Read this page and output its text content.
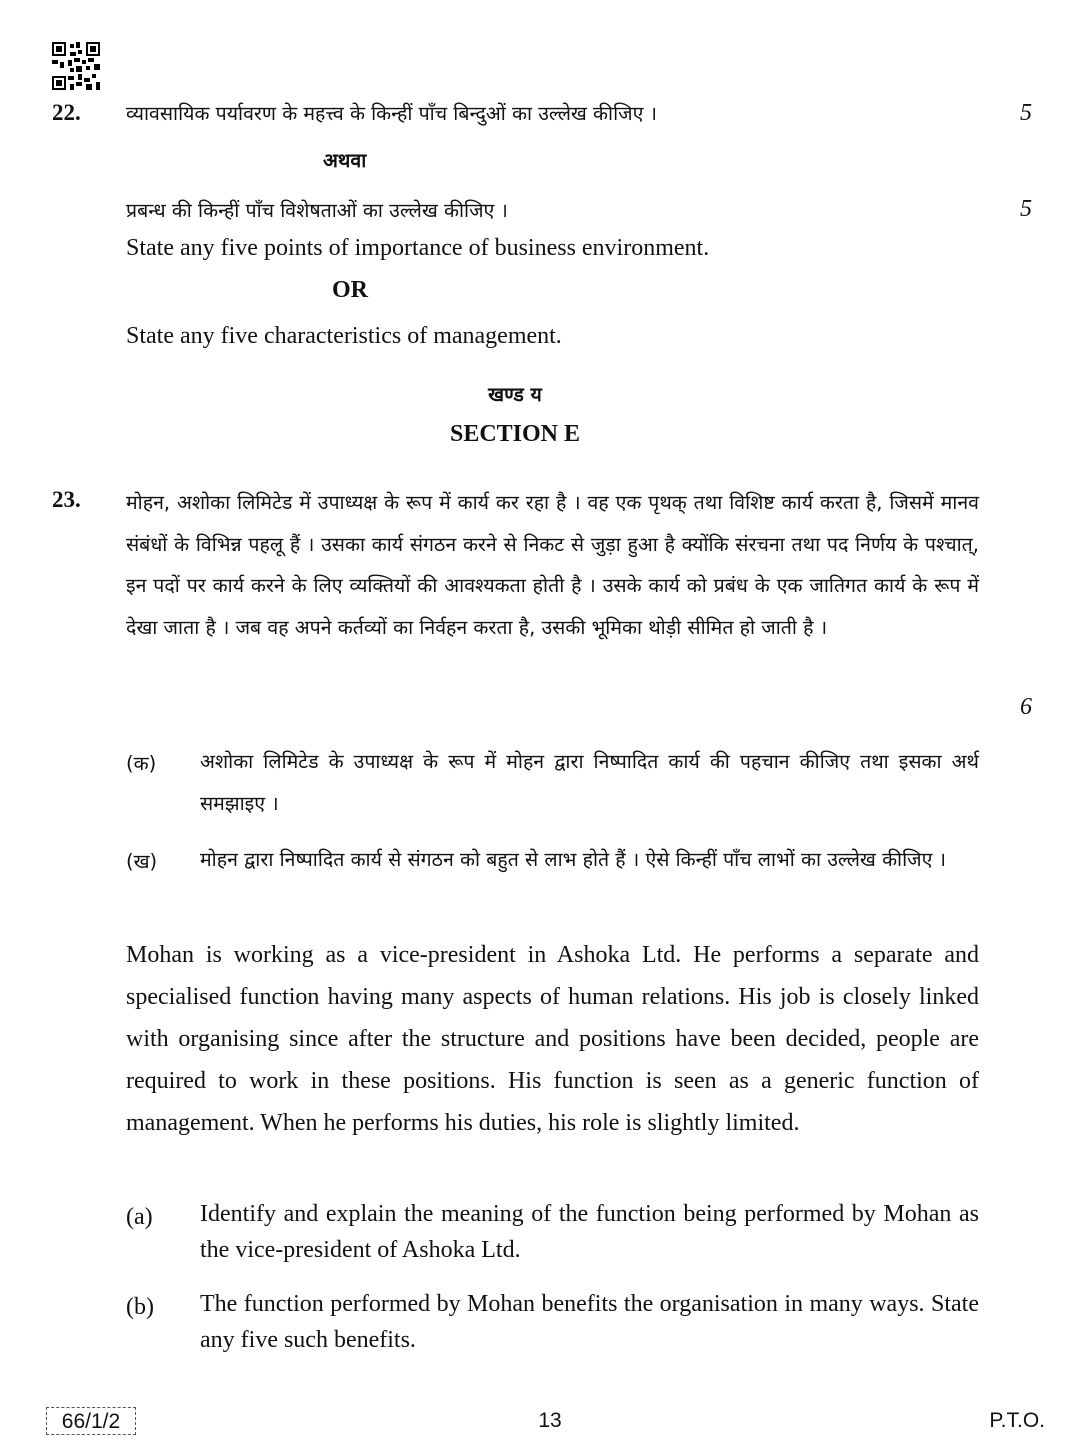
22. व्यावसायिक पर्यावरण के महत्त्व के किन्हीं पाँच बिन्दुओं का उल्लेख कीजिए ।	5
अथवा
प्रबन्ध की किन्हीं पाँच विशेषताओं का उल्लेख कीजिए ।	5
State any five points of importance of business environment.
OR
State any five characteristics of management.
खण्ड य
SECTION E
23. मोहन, अशोका लिमिटेड में उपाध्यक्ष के रूप में कार्य कर रहा है । वह एक पृथक् तथा विशिष्ट कार्य करता है, जिसमें मानव संबंधों के विभिन्न पहलू हैं । उसका कार्य संगठन करने से निकट से जुड़ा हुआ है क्योंकि संरचना तथा पद निर्णय के पश्चात्, इन पदों पर कार्य करने के लिए व्यक्तियों की आवश्यकता होती है । उसके कार्य को प्रबंध के एक जातिगत कार्य के रूप में देखा जाता है । जब वह अपने कर्तव्यों का निर्वहन करता है, उसकी भूमिका थोड़ी सीमित हो जाती है ।
6
(क) अशोका लिमिटेड के उपाध्यक्ष के रूप में मोहन द्वारा निष्पादित कार्य की पहचान कीजिए तथा इसका अर्थ समझाइए ।
(ख) मोहन द्वारा निष्पादित कार्य से संगठन को बहुत से लाभ होते हैं । ऐसे किन्हीं पाँच लाभों का उल्लेख कीजिए ।
Mohan is working as a vice-president in Ashoka Ltd. He performs a separate and specialised function having many aspects of human relations. His job is closely linked with organising since after the structure and positions have been decided, people are required to work in these positions. His function is seen as a generic function of management. When he performs his duties, his role is slightly limited.
(a) Identify and explain the meaning of the function being performed by Mohan as the vice-president of Ashoka Ltd.
(b) The function performed by Mohan benefits the organisation in many ways. State any five such benefits.
66/1/2	13	P.T.O.
